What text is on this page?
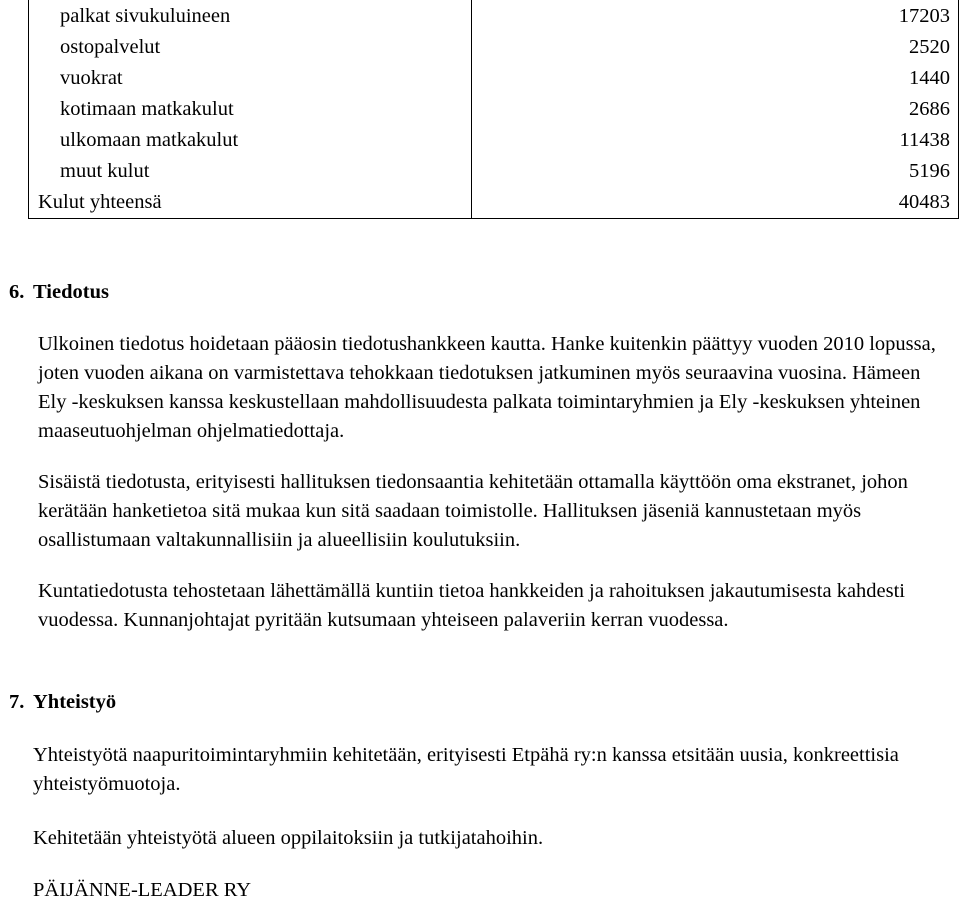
palkat sivukuluineen	17203
ostopalvelut	2520
vuokrat	1440
kotimaan matkakulut	2686
ulkomaan matkakulut	11438
muut kulut	5196
Kulut yhteensä	40483
6. Tiedotus

Ulkoinen tiedotus hoidetaan pääosin tiedotushankkeen kautta. Hanke kuitenkin päättyy vuoden 2010 lopussa, joten vuoden aikana on varmistettava tehokkaan tiedotuksen jatkuminen myös seuraavina vuosina. Hämeen Ely -keskuksen kanssa keskustellaan mahdollisuudesta palkata toimintaryhmien ja Ely -keskuksen yhteinen maaseutuohjelman ohjelmatiedottaja.

Sisäistä tiedotusta, erityisesti hallituksen tiedonsaantia kehitetään ottamalla käyttöön oma ekstranet, johon kerätään hanketietoa sitä mukaa kun sitä saadaan toimistolle. Hallituksen jäseniä kannustetaan myös osallistumaan valtakunnallisiin ja alueellisiin koulutuksiin.

Kuntatiedotusta tehostetaan lähettämällä kuntiin tietoa hankkeiden ja rahoituksen jakautumisesta kahdesti vuodessa. Kunnanjohtajat pyritään kutsumaan yhteiseen palaveriin kerran vuodessa.

7. Yhteistyö

Yhteistyötä naapuritoimintaryhmiin kehitetään, erityisesti Etpähä ry:n kanssa etsitään uusia, konkreettisia yhteistyömuotoja.

Kehitetään yhteistyötä alueen oppilaitoksiin ja tutkijatahoihin.

PÄIJÄNNE-LEADER RY
